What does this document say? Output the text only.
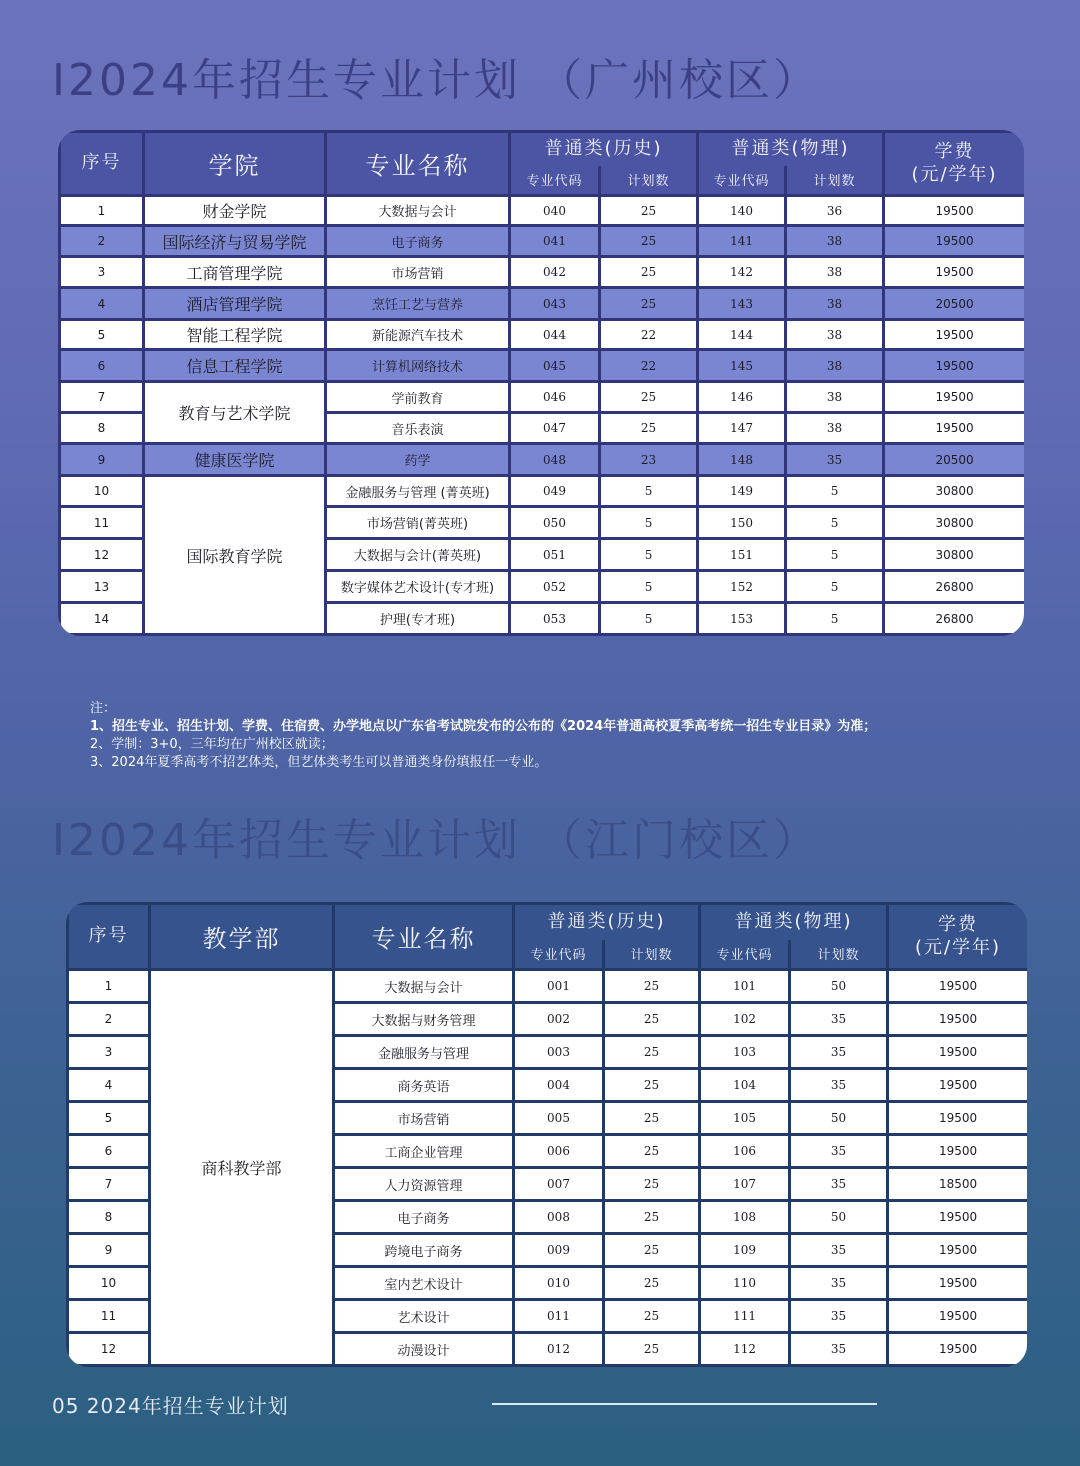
I2024年招生专业计划 （广州校区）
序号	学院	专业名称	普通类(历史)		普通类(物理)		学费
(元/学年)

			专业代码	计划数	专业代码	计划数	
1	财金学院	大数据与会计	040	25	140	36	19500
2	国际经济与贸易学院	电子商务	041	25	141	38	19500
3	工商管理学院	市场营销	042	25	142	38	19500
4	酒店管理学院	烹饪工艺与营养	043	25	143	38	20500
5	智能工程学院	新能源汽车技术	044	22	144	38	19500
6	信息工程学院	计算机网络技术	045	22	145	38	19500
7	教育与艺术学院	学前教育	046	25	146	38	19500
8		音乐表演	047	25	147	38	19500
9	健康医学院	药学	048	23	148	35	20500
10	国际教育学院	金融服务与管理 (菁英班)	049	5	149	5	30800
11		市场营销(菁英班)	050	5	150	5	30800
12		大数据与会计(菁英班)	051	5	151	5	30800
13		数字媒体艺术设计(专才班)	052	5	152	5	26800
14		护理(专才班)	053	5	153	5	26800
注：
1、招生专业、招生计划、学费、住宿费、办学地点以广东省考试院发布的公布的《2024年普通高校夏季高考统一招生专业目录》为准；
2、学制：3+0，三年均在广州校区就读；
3、2024年夏季高考不招艺体类，但艺体类考生可以普通类身份填报任一专业。
I2024年招生专业计划 （江门校区）
序号	教学部	专业名称	普通类(历史)		普通类(物理)		学费
(元/学年)

			专业代码	计划数	专业代码	计划数	
1	商科教学部	大数据与会计	001	25	101	50	19500
2		大数据与财务管理	002	25	102	35	19500
3		金融服务与管理	003	25	103	35	19500
4		商务英语	004	25	104	35	19500
5		市场营销	005	25	105	50	19500
6		工商企业管理	006	25	106	35	19500
7		人力资源管理	007	25	107	35	18500
8		电子商务	008	25	108	50	19500
9		跨境电子商务	009	25	109	35	19500
10		室内艺术设计	010	25	110	35	19500
11		艺术设计	011	25	111	35	19500
12		动漫设计	012	25	112	35	19500
05 2024年招生专业计划
